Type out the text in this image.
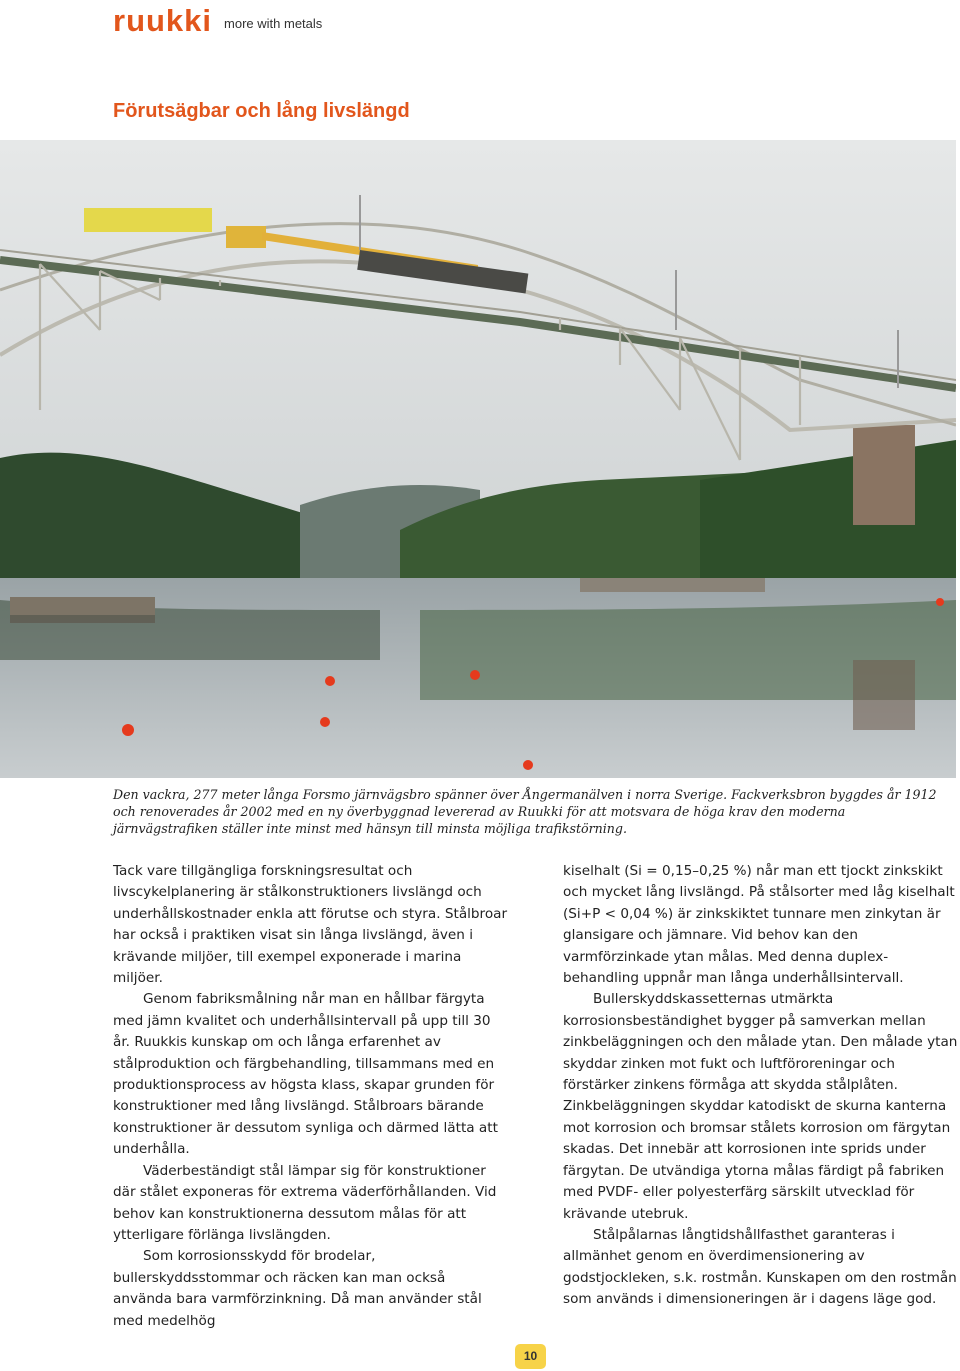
ruukki more with metals
Förutsägbar och lång livslängd

Den vackra, 277 meter långa Forsmo järnvägsbro spänner över Ångermanälven i norra Sverige. Fackverksbron byggdes år 1912 och renoverades år 2002 med en ny överbyggnad levererad av Ruukki för att motsvara de höga krav den moderna järnvägstrafiken ställer inte minst med hänsyn till minsta möjliga trafikstörning.

Tack vare tillgängliga forskningsresultat och livscykelplanering är stålkonstruktioners livslängd och underhållskostnader enkla att förutse och styra. Stålbroar har också i praktiken visat sin långa livslängd, även i krävande miljöer, till exempel exponerade i marina miljöer.

Genom fabriksmålning når man en hållbar färgyta med jämn kvalitet och underhållsintervall på upp till 30 år. Ruukkis kunskap om och långa erfarenhet av stålproduktion och färgbehandling, tillsammans med en produktionsprocess av högsta klass, skapar grunden för konstruktioner med lång livslängd. Stålbroars bärande konstruktioner är dessutom synliga och därmed lätta att underhålla.

Väderbeständigt stål lämpar sig för konstruktioner där stålet exponeras för extrema väderförhållanden. Vid behov kan konstruktionerna dessutom målas för att ytterligare förlänga livslängden.

Som korrosionsskydd för brodelar, bullerskyddsstommar och räcken kan man också använda bara varmförzinkning. Då man använder stål med medelhög

kiselhalt (Si = 0,15–0,25 %) når man ett tjockt zinkskikt och mycket lång livslängd. På stålsorter med låg kiselhalt (Si+P < 0,04 %) är zinkskiktet tunnare men zinkytan är glansigare och jämnare. Vid behov kan den varmförzinkade ytan målas. Med denna duplex-behandling uppnår man långa underhållsintervall.

Bullerskyddskassetternas utmärkta korrosionsbeständighet bygger på samverkan mellan zinkbeläggningen och den målade ytan. Den målade ytan skyddar zinken mot fukt och luftföroreningar och förstärker zinkens förmåga att skydda stålplåten. Zinkbeläggningen skyddar katodiskt de skurna kanterna mot korrosion och bromsar stålets korrosion om färgytan skadas. Det innebär att korrosionen inte sprids under färgytan. De utvändiga ytorna målas färdigt på fabriken med PVDF- eller polyesterfärg särskilt utvecklad för krävande utebruk.

Stålpålarnas långtidshållfasthet garanteras i allmänhet genom en överdimensionering av godstjockleken, s.k. rostmån. Kunskapen om den rostmån som används i dimensioneringen är i dagens läge god.

10
